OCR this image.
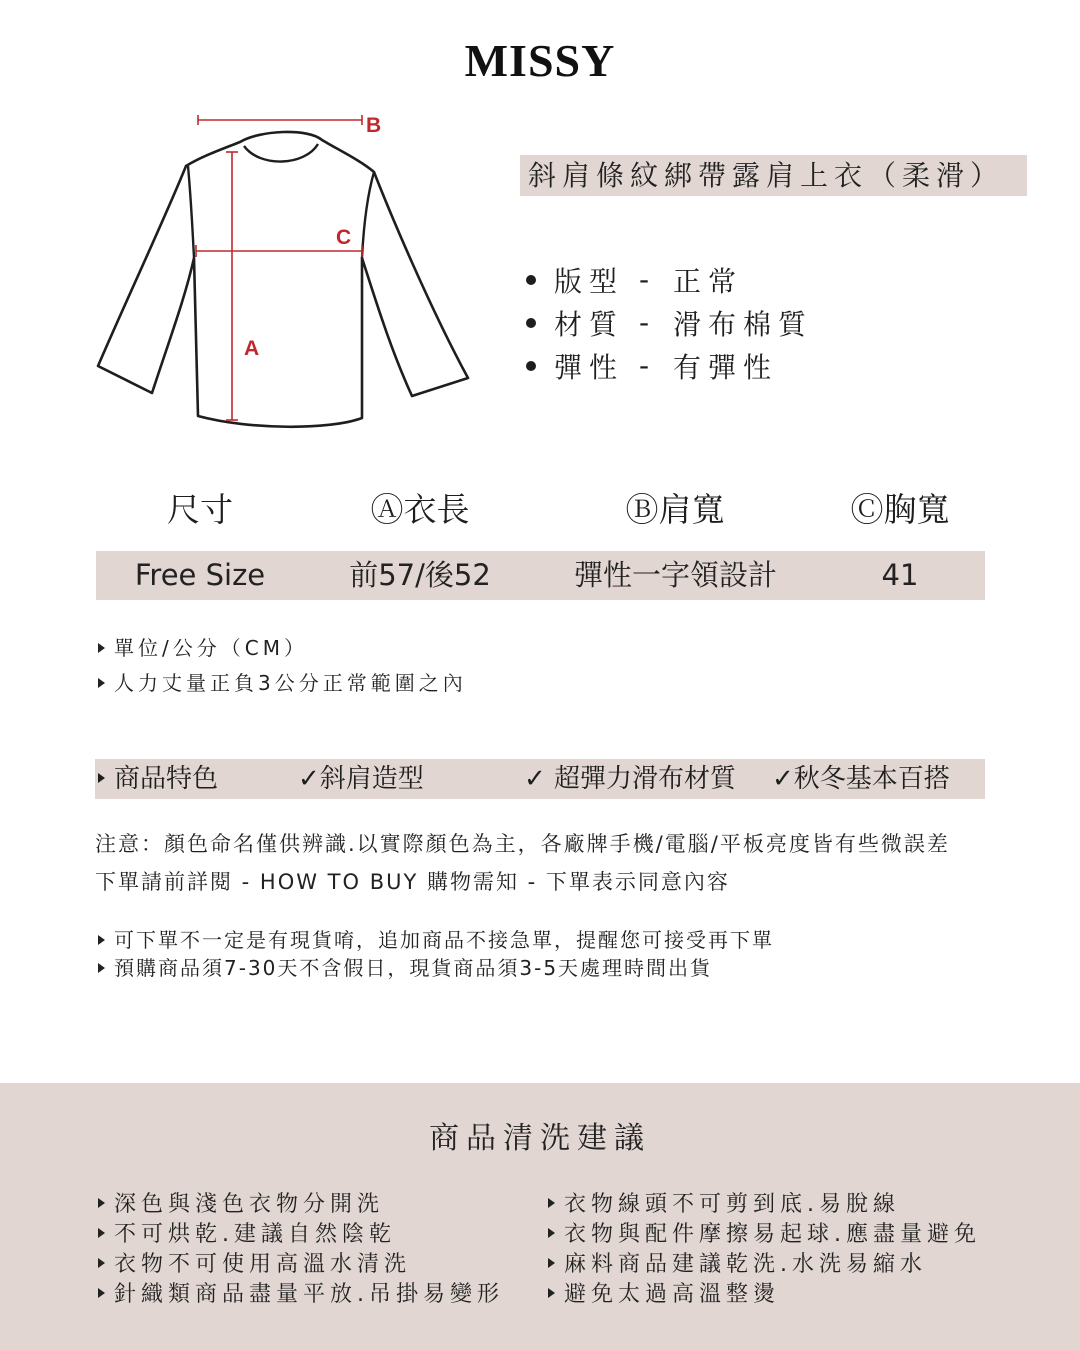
MISSY
B
A
C
斜肩條紋綁帶露肩上衣（柔滑）
版型 - 正常
材質 - 滑布棉質
彈性 - 有彈性
尺寸	Ⓐ衣長	Ⓑ肩寬	Ⓒ胸寬
Free Size	前57/後52	彈性一字領設計	41
單位/公分（CM）
人力丈量正負3公分正常範圍之內
商品特色	✓斜肩造型	✓ 超彈力滑布材質 ✓秋冬基本百搭
注意：顏色命名僅供辨識.以實際顏色為主，各廠牌手機/電腦/平板亮度皆有些微誤差
下單請前詳閱 - HOW TO BUY 購物需知 - 下單表示同意內容
可下單不一定是有現貨唷，追加商品不接急單，提醒您可接受再下單
預購商品須7-30天不含假日，現貨商品須3-5天處理時間出貨
商品清洗建議
深色與淺色衣物分開洗
不可烘乾.建議自然陰乾
衣物不可使用高溫水清洗
針織類商品盡量平放.吊掛易變形
衣物線頭不可剪到底.易脫線
衣物與配件摩擦易起球.應盡量避免
麻料商品建議乾洗.水洗易縮水
避免太過高溫整燙
